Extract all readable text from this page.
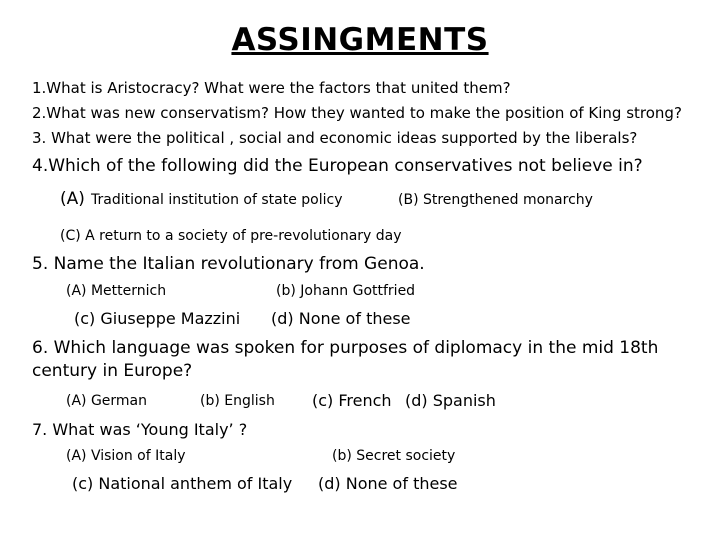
ASSINGMENTS
1.What is Aristocracy? What were the factors that united them?
2.What was new conservatism? How they wanted to make the position of King strong?
3. What were the political , social and economic ideas supported by the liberals?
4.Which of the following did the European conservatives not believe in?
(A) Traditional institution of state policy	(B) Strengthened monarchy
(C) A return to a society of pre-revolutionary day
5. Name the Italian revolutionary from Genoa.
(A) Metternich	(b) Johann Gottfried
(c) Giuseppe Mazzini (d) None of these
6. Which language was spoken for purposes of diplomacy in the mid 18th
century in Europe?
(A) German	(b) English (c) French (d) Spanish
7. What was ‘Young Italy’ ?
(A) Vision of Italy	(b) Secret society
(c) National anthem of Italy (d) None of these
